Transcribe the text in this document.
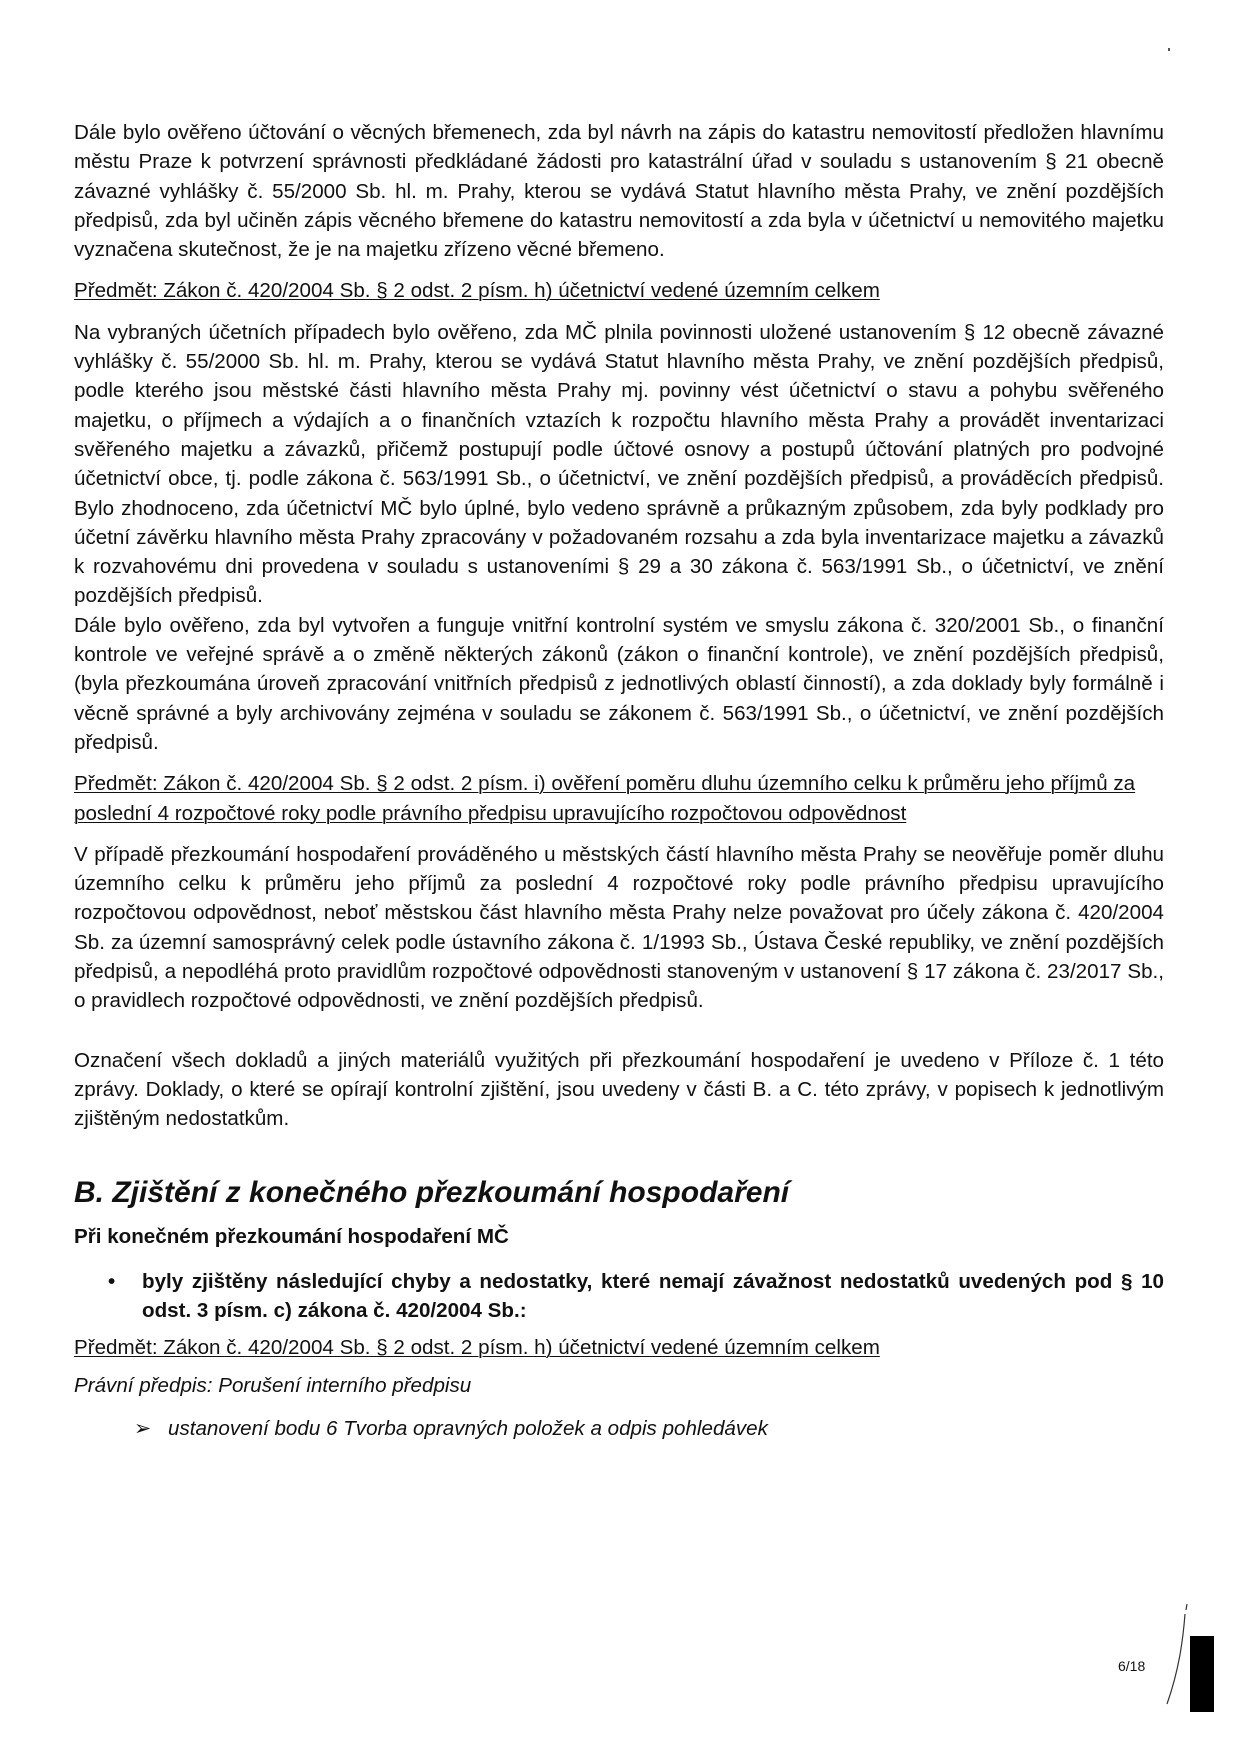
Dále bylo ověřeno účtování o věcných břemenech, zda byl návrh na zápis do katastru nemovitostí předložen hlavnímu městu Praze k potvrzení správnosti předkládané žádosti pro katastrální úřad v souladu s ustanovením § 21 obecně závazné vyhlášky č. 55/2000 Sb. hl. m. Prahy, kterou se vydává Statut hlavního města Prahy, ve znění pozdějších předpisů, zda byl učiněn zápis věcného břemene do katastru nemovitostí a zda byla v účetnictví u nemovitého majetku vyznačena skutečnost, že je na majetku zřízeno věcné břemeno.

Předmět: Zákon č. 420/2004 Sb. § 2 odst. 2 písm. h) účetnictví vedené územním celkem

Na vybraných účetních případech bylo ověřeno, zda MČ plnila povinnosti uložené ustanovením § 12 obecně závazné vyhlášky č. 55/2000 Sb. hl. m. Prahy, kterou se vydává Statut hlavního města Prahy, ve znění pozdějších předpisů, podle kterého jsou městské části hlavního města Prahy mj. povinny vést účetnictví o stavu a pohybu svěřeného majetku, o příjmech a výdajích a o finančních vztazích k rozpočtu hlavního města Prahy a provádět inventarizaci svěřeného majetku a závazků, přičemž postupují podle účtové osnovy a postupů účtování platných pro podvojné účetnictví obce, tj. podle zákona č. 563/1991 Sb., o účetnictví, ve znění pozdějších předpisů, a prováděcích předpisů. Bylo zhodnoceno, zda účetnictví MČ bylo úplné, bylo vedeno správně a průkazným způsobem, zda byly podklady pro účetní závěrku hlavního města Prahy zpracovány v požadovaném rozsahu a zda byla inventarizace majetku a závazků k rozvahovému dni provedena v souladu s ustanoveními § 29 a 30 zákona č. 563/1991 Sb., o účetnictví, ve znění pozdějších předpisů.

Dále bylo ověřeno, zda byl vytvořen a funguje vnitřní kontrolní systém ve smyslu zákona č. 320/2001 Sb., o finanční kontrole ve veřejné správě a o změně některých zákonů (zákon o finanční kontrole), ve znění pozdějších předpisů, (byla přezkoumána úroveň zpracování vnitřních předpisů z jednotlivých oblastí činností), a zda doklady byly formálně i věcně správné a byly archivovány zejména v souladu se zákonem č. 563/1991 Sb., o účetnictví, ve znění pozdějších předpisů.

Předmět: Zákon č. 420/2004 Sb. § 2 odst. 2 písm. i) ověření poměru dluhu územního celku k průměru jeho příjmů za poslední 4 rozpočtové roky podle právního předpisu upravujícího rozpočtovou odpovědnost

V případě přezkoumání hospodaření prováděného u městských částí hlavního města Prahy se neověřuje poměr dluhu územního celku k průměru jeho příjmů za poslední 4 rozpočtové roky podle právního předpisu upravujícího rozpočtovou odpovědnost, neboť městskou část hlavního města Prahy nelze považovat pro účely zákona č. 420/2004 Sb. za územní samosprávný celek podle ústavního zákona č. 1/1993 Sb., Ústava České republiky, ve znění pozdějších předpisů, a nepodléhá proto pravidlům rozpočtové odpovědnosti stanoveným v ustanovení § 17 zákona č. 23/2017 Sb., o pravidlech rozpočtové odpovědnosti, ve znění pozdějších předpisů.

Označení všech dokladů a jiných materiálů využitých při přezkoumání hospodaření je uvedeno v Příloze č. 1 této zprávy. Doklady, o které se opírají kontrolní zjištění, jsou uvedeny v části B. a C. této zprávy, v popisech k jednotlivým zjištěným nedostatkům.

B. Zjištění z konečného přezkoumání hospodaření

Při konečném přezkoumání hospodaření MČ

•	byly zjištěny následující chyby a nedostatky, které nemají závažnost nedostatků uvedených pod § 10 odst. 3 písm. c) zákona č. 420/2004 Sb.:

Předmět: Zákon č. 420/2004 Sb. § 2 odst. 2 písm. h) účetnictví vedené územním celkem

Právní předpis: Porušení interního předpisu

➢ ustanovení bodu 6 Tvorba opravných položek a odpis pohledávek
6/18
